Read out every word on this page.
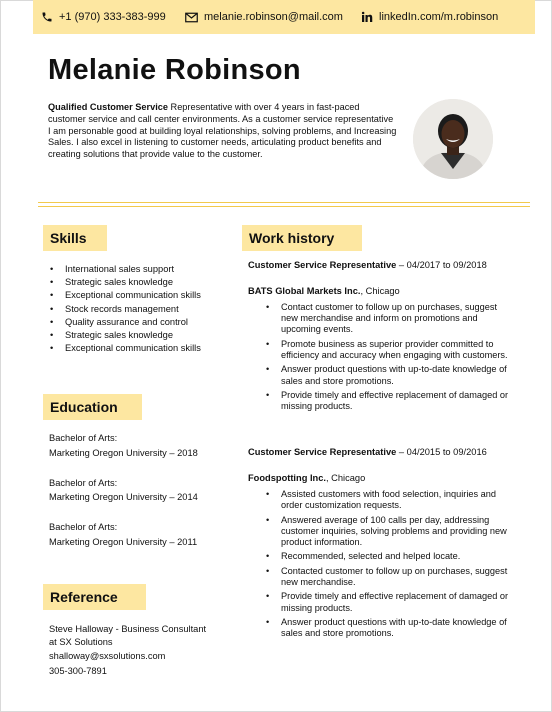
+1 (970) 333-383-999	melanie.robinson@mail.com	linkedIn.com/m.robinson
Melanie Robinson
Qualified Customer Service Representative with over 4 years in fast-paced customer service and call center environments. As a customer service representative I am personable good at building loyal relationships, solving problems, and Increasing Sales. I also excel in listening to customer needs, articulating product benefits and creating solutions that provide value to the customer.
Skills
• International sales support
• Strategic sales knowledge
• Exceptional communication skills
• Stock records management
• Quality assurance and control
• Strategic sales knowledge
• Exceptional communication skills
Education
Bachelor of Arts:
Marketing Oregon University – 2018
Bachelor of Arts:
Marketing Oregon University – 2014
Bachelor of Arts:
Marketing Oregon University – 2011
Reference
Steve Halloway - Business Consultant
at SX Solutions
shalloway@sxsolutions.com
305-300-7891
Work history
Customer Service Representative – 04/2017 to 09/2018
BATS Global Markets Inc., Chicago
• Contact customer to follow up on purchases, suggest new merchandise and inform on promotions and upcoming events.
• Promote business as superior provider committed to efficiency and accuracy when engaging with customers.
• Answer product questions with up-to-date knowledge of sales and store promotions.
• Provide timely and effective replacement of damaged or missing products.
Customer Service Representative – 04/2015 to 09/2016
Foodspotting Inc., Chicago
• Assisted customers with food selection, inquiries and order customization requests.
• Answered average of 100 calls per day, addressing customer inquiries, solving problems and providing new product information.
• Recommended, selected and helped locate.
• Contacted customer to follow up on purchases, suggest new merchandise.
• Provide timely and effective replacement of damaged or missing products.
• Answer product questions with up-to-date knowledge of sales and store promotions.
